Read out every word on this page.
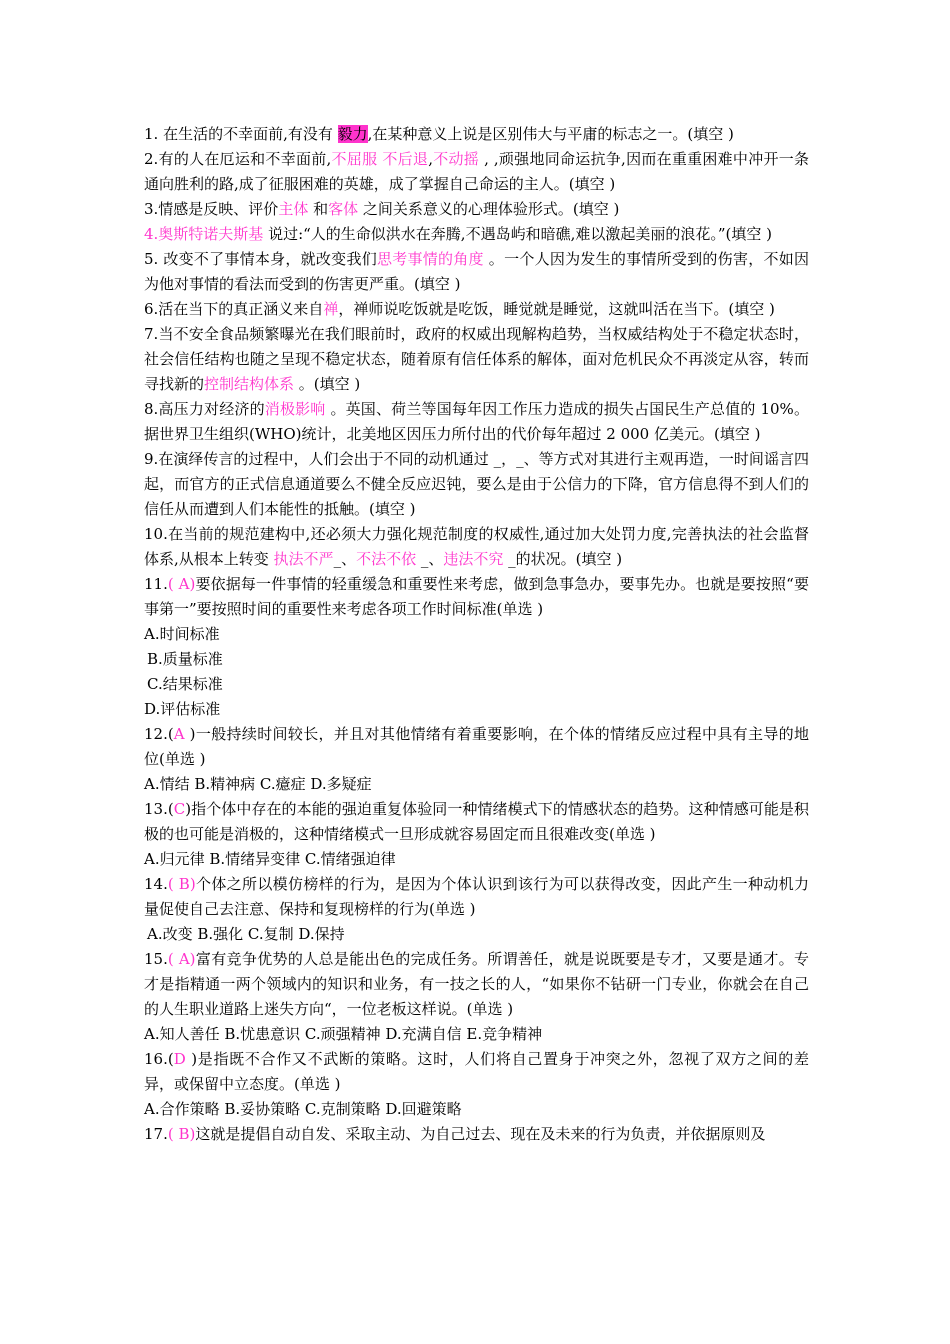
1. 在生活的不幸面前,有没有 毅力,在某种意义上说是区别伟大与平庸的标志之一。(填空 )

2.有的人在厄运和不幸面前,不屈服 不后退,不动摇 , ,顽强地同命运抗争,因而在重重困难中冲开一条通向胜利的路,成了征服困难的英雄，成了掌握自己命运的主人。(填空 )

3.情感是反映、评价主体 和客体 之间关系意义的心理体验形式。(填空 )

4.奥斯特诺夫斯基 说过:“人的生命似洪水在奔腾,不遇岛屿和暗礁,难以激起美丽的浪花。”(填空 )

5. 改变不了事情本身，就改变我们思考事情的角度 。一个人因为发生的事情所受到的伤害，不如因为他对事情的看法而受到的伤害更严重。(填空 )

6.活在当下的真正涵义来自禅，禅师说吃饭就是吃饭，睡觉就是睡觉，这就叫活在当下。(填空 )

7.当不安全食品频繁曝光在我们眼前时，政府的权威出现解构趋势，当权威结构处于不稳定状态时，社会信任结构也随之呈现不稳定状态，随着原有信任体系的解体，面对危机民众不再淡定从容，转而寻找新的控制结构体系 。(填空 )

8.高压力对经济的消极影响 。英国、荷兰等国每年因工作压力造成的损失占国民生产总值的 10%。据世界卫生组织(WHO)统计，北美地区因压力所付出的代价每年超过 2 000 亿美元。(填空 )

9.在演绎传言的过程中，人们会出于不同的动机通过 _，_、等方式对其进行主观再造，一时间谣言四起，而官方的正式信息通道要么不健全反应迟钝，要么是由于公信力的下降，官方信息得不到人们的信任从而遭到人们本能性的抵触。(填空 )

10.在当前的规范建构中,还必须大力强化规范制度的权威性,通过加大处罚力度,完善执法的社会监督体系,从根本上转变 执法不严_、不法不依 _、违法不究 _的状况。(填空 )

11.( A)要依据每一件事情的轻重缓急和重要性来考虑，做到急事急办，要事先办。也就是要按照“要事第一”要按照时间的重要性来考虑各项工作时间标准(单选 )

A.时间标准

B.质量标准

C.结果标准

D.评估标准

12.(A )一般持续时间较长，并且对其他情绪有着重要影响，在个体的情绪反应过程中具有主导的地位(单选 )

A.情结 B.精神病 C.癔症 D.多疑症

13.(C)指个体中存在的本能的强迫重复体验同一种情绪模式下的情感状态的趋势。这种情感可能是积极的也可能是消极的，这种情绪模式一旦形成就容易固定而且很难改变(单选 )

A.归元律 B.情绪异变律 C.情绪强迫律

14.( B)个体之所以模仿榜样的行为，是因为个体认识到该行为可以获得改变，因此产生一种动机力量促使自己去注意、保持和复现榜样的行为(单选 )

A.改变 B.强化 C.复制 D.保持

15.( A)富有竞争优势的人总是能出色的完成任务。所谓善任，就是说既要是专才，又要是通才。专才是指精通一两个领域内的知识和业务，有一技之长的人，“如果你不钻研一门专业，你就会在自己的人生职业道路上迷失方向“，一位老板这样说。(单选 )

A.知人善任 B.忧患意识 C.顽强精神 D.充满自信 E.竞争精神

16.(D )是指既不合作又不武断的策略。这时，人们将自己置身于冲突之外，忽视了双方之间的差异，或保留中立态度。(单选 )

A.合作策略 B.妥协策略 C.克制策略 D.回避策略

17.( B)这就是提倡自动自发、采取主动、为自己过去、现在及未来的行为负责，并依据原则及
